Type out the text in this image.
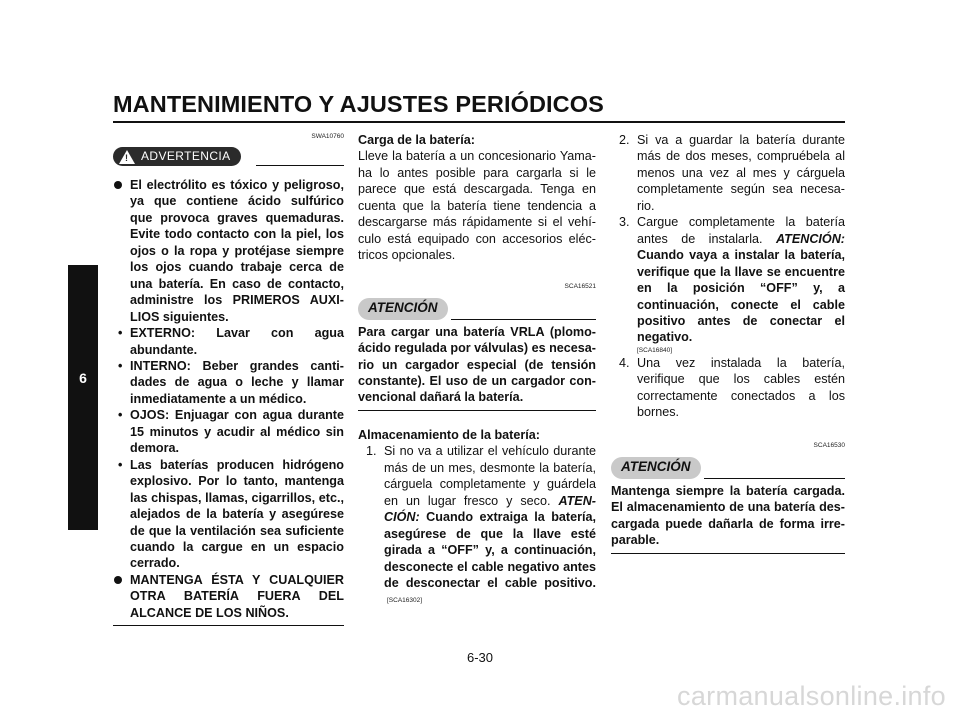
MANTENIMIENTO Y AJUSTES PERIÓDICOS
6
SWA10760
! ADVERTENCIA
El electrólito es tóxico y peligroso, ya que contiene ácido sulfúrico que provoca graves quemaduras. Evite todo contacto con la piel, los ojos o la ropa y protéjase siempre los ojos cuando trabaje cerca de una batería. En caso de contacto, administre los PRIMEROS AUXILIOS siguientes.
• EXTERNO: Lavar con agua abundante.
• INTERNO: Beber grandes cantidades de agua o leche y llamar inmediatamente a un médico.
• OJOS: Enjuagar con agua durante 15 minutos y acudir al médico sin demora.
• Las baterías producen hidrógeno explosivo. Por lo tanto, mantenga las chispas, llamas, cigarrillos, etc., alejados de la batería y asegúrese de que la ventilación sea suficiente cuando la cargue en un espacio cerrado.
MANTENGA ÉSTA Y CUALQUIER OTRA BATERÍA FUERA DEL ALCANCE DE LOS NIÑOS.
Carga de la batería:
Lleve la batería a un concesionario Yamaha lo antes posible para cargarla si le parece que está descargada. Tenga en cuenta que la batería tiene tendencia a descargarse más rápidamente si el vehículo está equipado con accesorios eléctricos opcionales.
SCA16521
ATENCIÓN
Para cargar una batería VRLA (plomo-ácido regulada por válvulas) es necesario un cargador especial (de tensión constante). El uso de un cargador convencional dañará la batería.
Almacenamiento de la batería:
1. Si no va a utilizar el vehículo durante más de un mes, desmonte la batería, cárguela completamente y guárdela en un lugar fresco y seco. ATENCIÓN: Cuando extraiga la batería, asegúrese de que la llave esté girada a “OFF” y, a continuación, desconecte el cable negativo antes de desconectar el cable positivo.[SCA16302]
2. Si va a guardar la batería durante más de dos meses, compruébela al menos una vez al mes y cárguela completamente según sea necesario.
3. Cargue completamente la batería antes de instalarla. ATENCIÓN: Cuando vaya a instalar la batería, verifique que la llave se encuentre en la posición “OFF” y, a continuación, conecte el cable positivo antes de conectar el negativo.
[SCA16840]
4. Una vez instalada la batería, verifique que los cables estén correctamente conectados a los bornes.
SCA16530
ATENCIÓN
Mantenga siempre la batería cargada. El almacenamiento de una batería descargada puede dañarla de forma irreparable.
6-30
carmanualsonline.info
